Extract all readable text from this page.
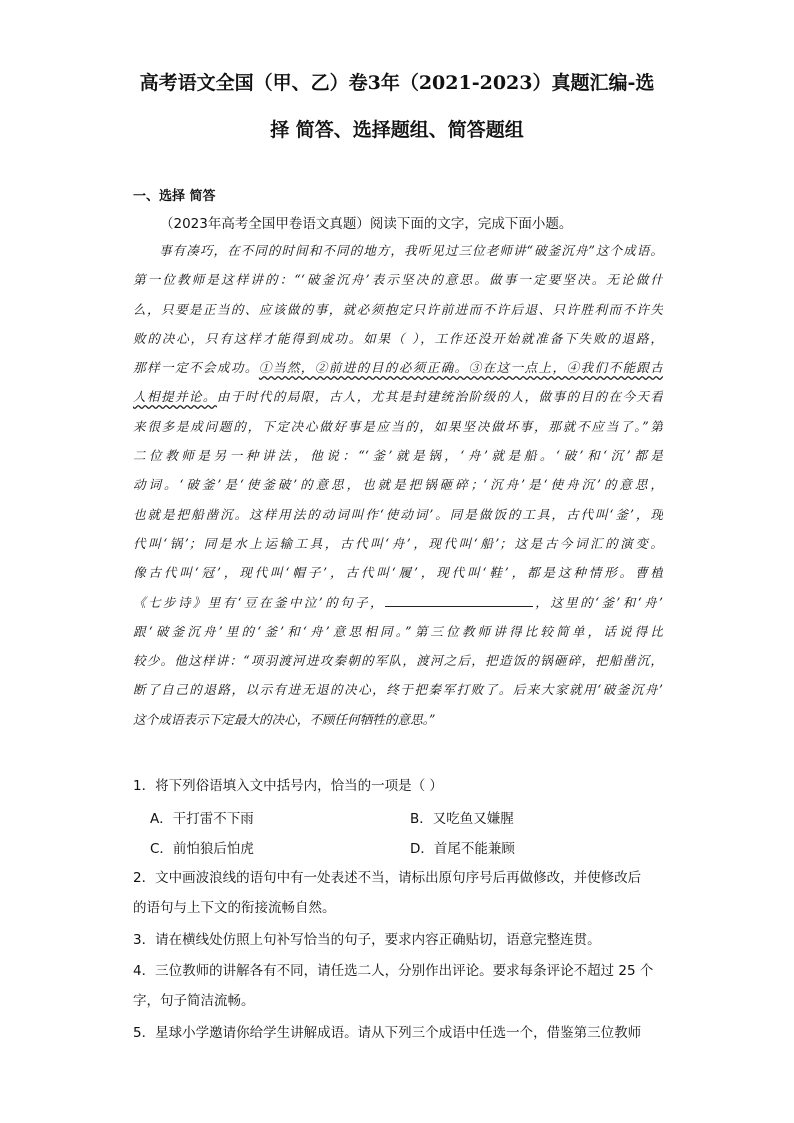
高考语文全国（甲、乙）卷3年（2021-2023）真题汇编-选
择 简答、选择题组、简答题组
一、选择 简答
（2023年高考全国甲卷语文真题）阅读下面的文字，完成下面小题。
事有凑巧，在不同的时间和不同的地方，我听见过三位老师讲“破釜沉舟”这个成语。
第一位教师是这样讲的：“‘破釜沉舟’表示坚决的意思。做事一定要坚决。无论做什
么，只要是正当的、应该做的事，就必须抱定只许前进而不许后退、只许胜利而不许失
败的决心，只有这样才能得到成功。如果（ ），工作还没开始就准备下失败的退路，
那样一定不会成功。①当然，②前进的目的必须正确。③在这一点上，④我们不能跟古
人相提并论。由于时代的局限，古人，尤其是封建统治阶级的人，做事的目的在今天看
来很多是成问题的，下定决心做好事是应当的，如果坚决做坏事，那就不应当了。”第
二位教师是另一种讲法，他说：“‘釜’就是锅，‘舟’就是船。‘破’和‘沉’都是
动词。‘破釜’是‘使釜破’的意思，也就是把锅砸碎；‘沉舟’是‘使舟沉’的意思，
也就是把船凿沉。这样用法的动词叫作‘使动词’。同是做饭的工具，古代叫‘釜’，现
代叫‘锅’；同是水上运输工具，古代叫‘舟’，现代叫‘船’；这是古今词汇的演变。
像古代叫‘冠’，现代叫‘帽子’，古代叫‘履’，现代叫‘鞋’，都是这种情形。曹植
《七步诗》里有‘豆在釜中泣’的句子，	，这里的‘釜’和‘舟’
跟‘破釜沉舟’里的‘釜’和‘舟’意思相同。”第三位教师讲得比较简单，话说得比
较少。他这样讲：“项羽渡河进攻秦朝的军队，渡河之后，把造饭的锅砸碎，把船凿沉，
断了自己的退路，以示有进无退的决心，终于把秦军打败了。后来大家就用‘破釜沉舟’
这个成语表示下定最大的决心，不顾任何牺牲的意思。”
1．将下列俗语填入文中括号内，恰当的一项是（ ）
A．干打雷不下雨	B．又吃鱼又嫌腥
C．前怕狼后怕虎	D．首尾不能兼顾
2．文中画波浪线的语句中有一处表述不当，请标出原句序号后再做修改，并使修改后
的语句与上下文的衔接流畅自然。
3．请在横线处仿照上句补写恰当的句子，要求内容正确贴切，语意完整连贯。
4．三位教师的讲解各有不同，请任选二人，分别作出评论。要求每条评论不超过 25 个
字，句子简洁流畅。
5．星球小学邀请你给学生讲解成语。请从下列三个成语中任选一个，借鉴第三位教师
